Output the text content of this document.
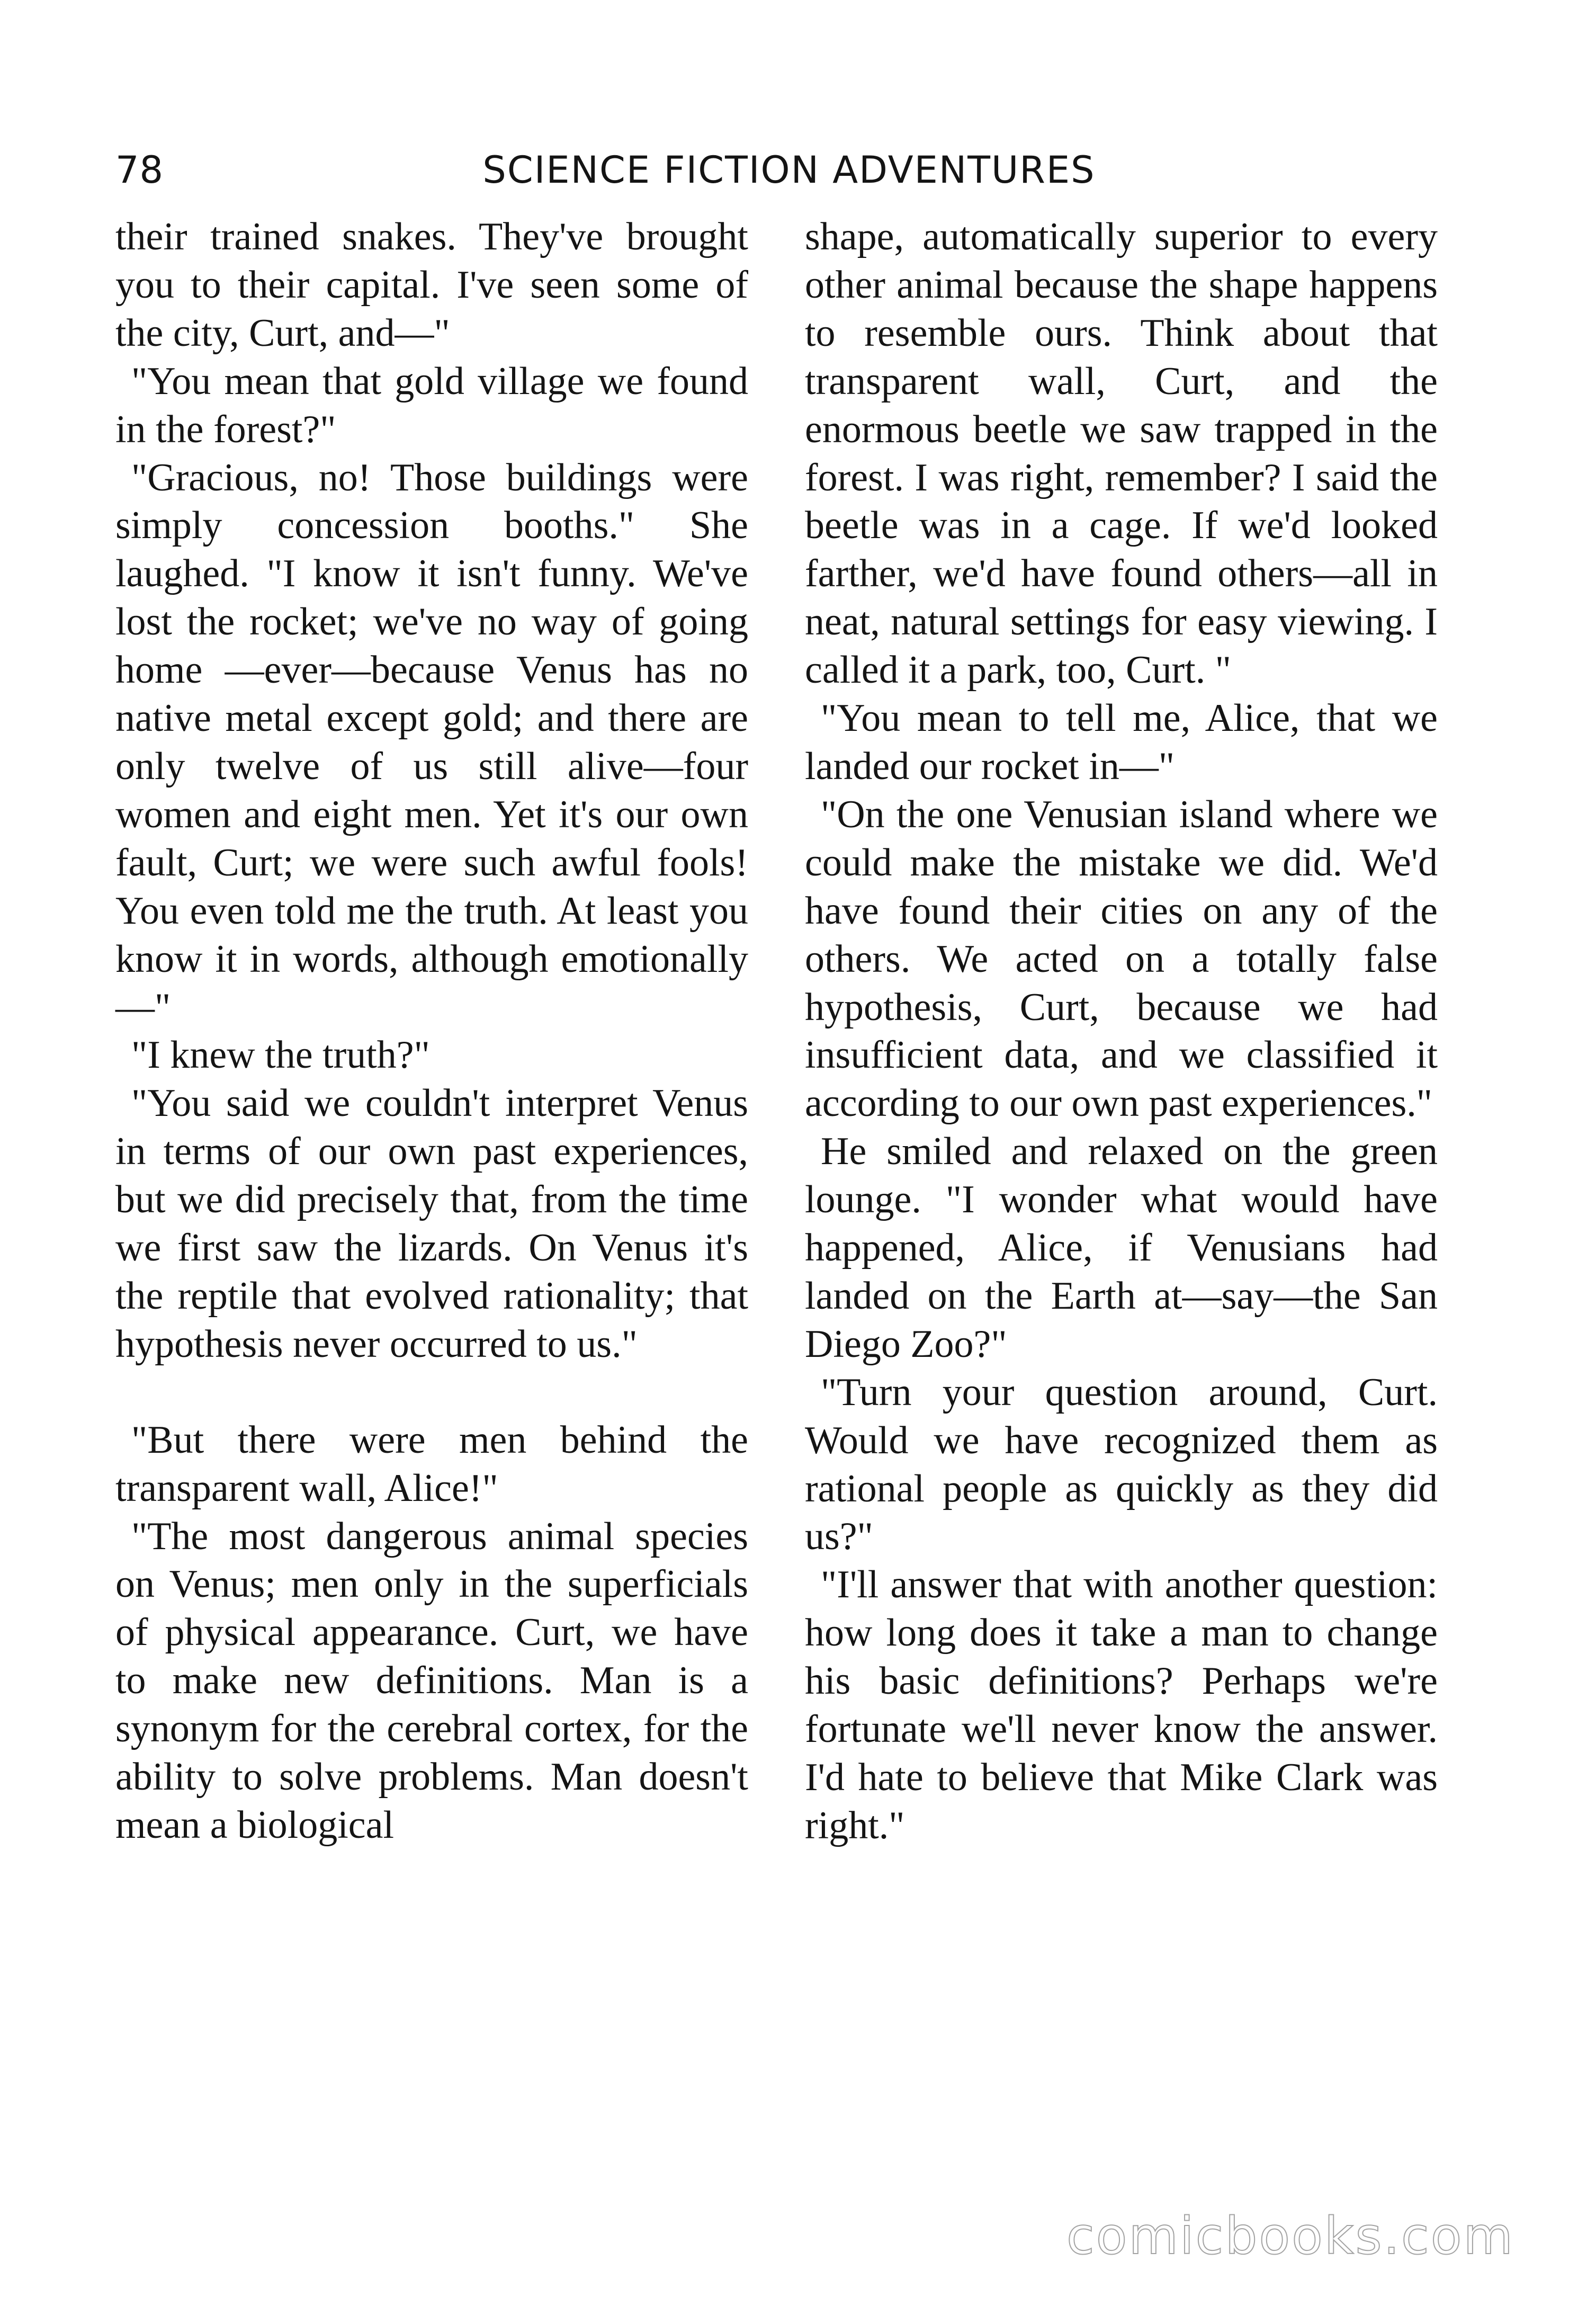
78	SCIENCE FICTION ADVENTURES

their trained snakes. They've brought you to their capital. I've seen some of the city, Curt, and—"

"You mean that gold village we found in the forest?"

"Gracious, no! Those buildings were simply concession booths." She laughed. "I know it isn't funny. We've lost the rocket; we've no way of going home —ever—because Venus has no native metal except gold; and there are only twelve of us still alive—four women and eight men. Yet it's our own fault, Curt; we were such awful fools! You even told me the truth. At least you know it in words, although emotionally—"

"I knew the truth?"

"You said we couldn't interpret Venus in terms of our own past experiences, but we did precisely that, from the time we first saw the lizards. On Venus it's the reptile that evolved rationality; that hypothesis never occurred to us."

"But there were men behind the transparent wall, Alice!"

"The most dangerous animal species on Venus; men only in the superficials of physical appearance. Curt, we have to make new definitions. Man is a synonym for the cerebral cortex, for the ability to solve problems. Man doesn't mean a biological

shape, automatically superior to every other animal because the shape happens to resemble ours. Think about that transparent wall, Curt, and the enormous beetle we saw trapped in the forest. I was right, remember? I said the beetle was in a cage. If we'd looked farther, we'd have found others—all in neat, natural settings for easy viewing. I called it a park, too, Curt. "

"You mean to tell me, Alice, that we landed our rocket in—"

"On the one Venusian island where we could make the mistake we did. We'd have found their cities on any of the others. We acted on a totally false hypothesis, Curt, because we had insufficient data, and we classified it according to our own past experiences."

He smiled and relaxed on the green lounge. "I wonder what would have happened, Alice, if Venusians had landed on the Earth at—say—the San Diego Zoo?"

"Turn your question around, Curt. Would we have recognized them as rational people as quickly as they did us?"

"I'll answer that with another question: how long does it take a man to change his basic definitions? Perhaps we're fortunate we'll never know the answer. I'd hate to believe that Mike Clark was right."

comicbooks.com
